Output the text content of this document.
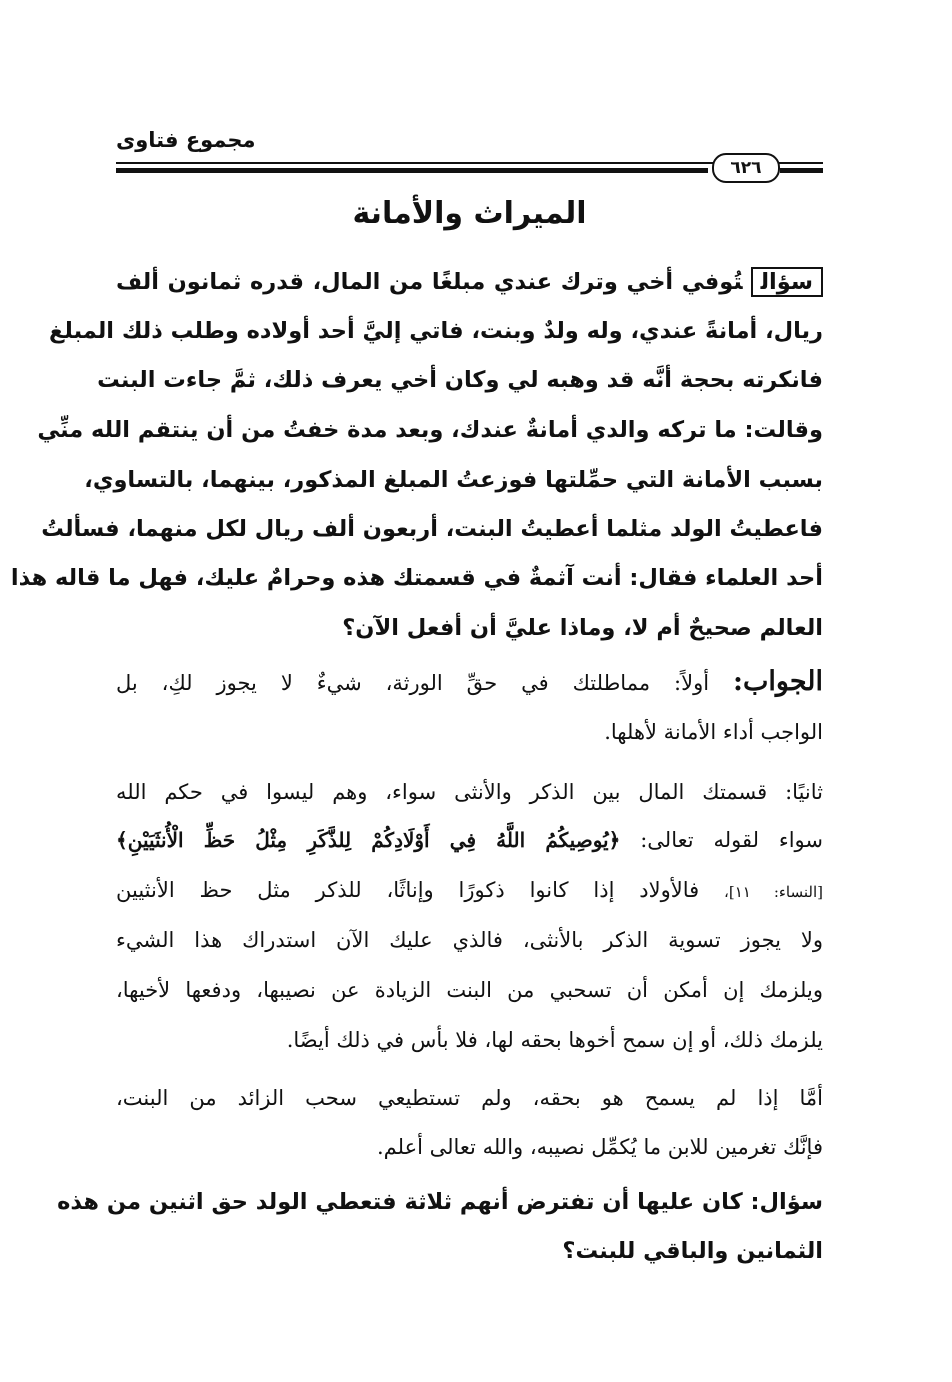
مجموع فتاوى
٦٢٦
الميراث والأمانة
سؤالتُوفي أخي وترك عندي مبلغًا من المال، قدره ثمانون ألف
ريال، أمانةً عندي، وله ولدٌ وبنت، فاتي إليَّ أحد أولاده وطلب ذلك المبلغ
فانكرته بحجة أنَّه قد وهبه لي وكان أخي يعرف ذلك، ثمَّ جاءت البنت
وقالت: ما تركه والدي أمانةٌ عندك، وبعد مدة خفتُ من أن ينتقم الله منِّي
بسبب الأمانة التي حمِّلتها فوزعتُ المبلغ المذكور، بينهما، بالتساوي،
فاعطيتُ الولد مثلما أعطيتُ البنت، أربعون ألف ريال لكل منهما، فسألتُ
أحد العلماء فقال: أنت آثمةٌ في قسمتك هذه وحرامٌ عليك، فهل ما قاله هذا
العالم صحيحٌ أم لا، وماذا عليَّ أن أفعل الآن؟
الجواب: أولاً: مماطلتك في حقِّ الورثة، شيءٌ لا يجوز لكِ، بل
الواجب أداء الأمانة لأهلها.
ثانيًا: قسمتك المال بين الذكر والأنثى سواء، وهم ليسوا في حكم الله
سواء لقوله تعالى: ﴿يُوصِيكُمُ اللَّهُ فِي أَوْلَادِكُمْ لِلذَّكَرِ مِثْلُ حَظِّ الْأُنثَيَيْنِ﴾
[النساء: ١١]، فالأولاد إذا كانوا ذكورًا وإناثًا، للذكر مثل حظ الأنثيين
ولا يجوز تسوية الذكر بالأنثى، فالذي عليك الآن استدراك هذا الشيء
ويلزمك إن أمكن أن تسحبي من البنت الزيادة عن نصيبها، ودفعها لأخيها،
يلزمك ذلك، أو إن سمح أخوها بحقه لها، فلا بأس في ذلك أيضًا.
أمَّا إذا لم يسمح هو بحقه، ولم تستطيعي سحب الزائد من البنت،
فإنَّك تغرمين للابن ما يُكمِّل نصيبه، والله تعالى أعلم.
سؤال: كان عليها أن تفترض أنهم ثلاثة فتعطي الولد حق اثنين من هذه
الثمانين والباقي للبنت؟
